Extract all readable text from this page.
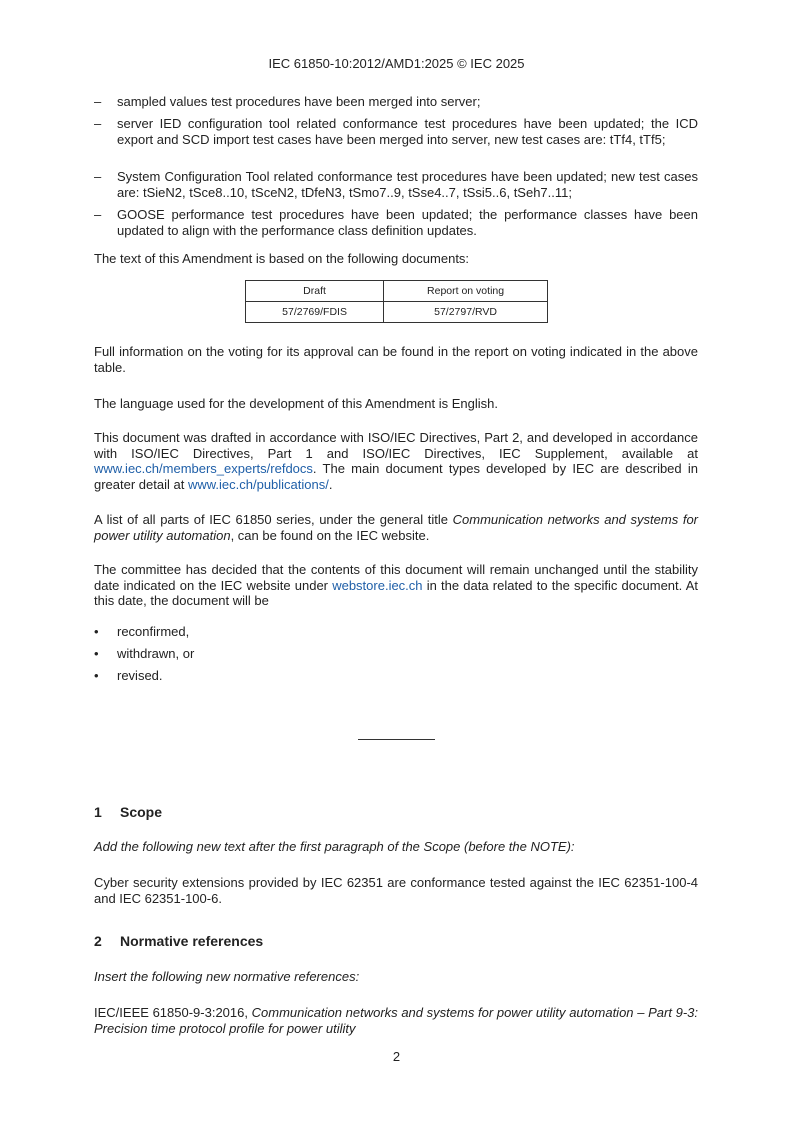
IEC 61850-10:2012/AMD1:2025 © IEC 2025
– sampled values test procedures have been merged into server;
– server IED configuration tool related conformance test procedures have been updated; the ICD export and SCD import test cases have been merged into server, new test cases are: tTf4, tTf5;
– System Configuration Tool related conformance test procedures have been updated; new test cases are: tSieN2, tSce8..10, tSceN2, tDfeN3, tSmo7..9, tSse4..7, tSsi5..6, tSeh7..11;
– GOOSE performance test procedures have been updated; the performance classes have been updated to align with the performance class definition updates.
The text of this Amendment is based on the following documents:
Draft	Report on voting
57/2769/FDIS	57/2797/RVD
Full information on the voting for its approval can be found in the report on voting indicated in the above table.
The language used for the development of this Amendment is English.
This document was drafted in accordance with ISO/IEC Directives, Part 2, and developed in accordance with ISO/IEC Directives, Part 1 and ISO/IEC Directives, IEC Supplement, available at www.iec.ch/members_experts/refdocs. The main document types developed by IEC are described in greater detail at www.iec.ch/publications/.
A list of all parts of IEC 61850 series, under the general title Communication networks and systems for power utility automation, can be found on the IEC website.
The committee has decided that the contents of this document will remain unchanged until the stability date indicated on the IEC website under webstore.iec.ch in the data related to the specific document. At this date, the document will be
• reconfirmed,
• withdrawn, or
• revised.
1 Scope
Add the following new text after the first paragraph of the Scope (before the NOTE):
Cyber security extensions provided by IEC 62351 are conformance tested against the IEC 62351-100-4 and IEC 62351-100-6.
2 Normative references
Insert the following new normative references:
IEC/IEEE 61850-9-3:2016, Communication networks and systems for power utility automation – Part 9-3: Precision time protocol profile for power utility
2
